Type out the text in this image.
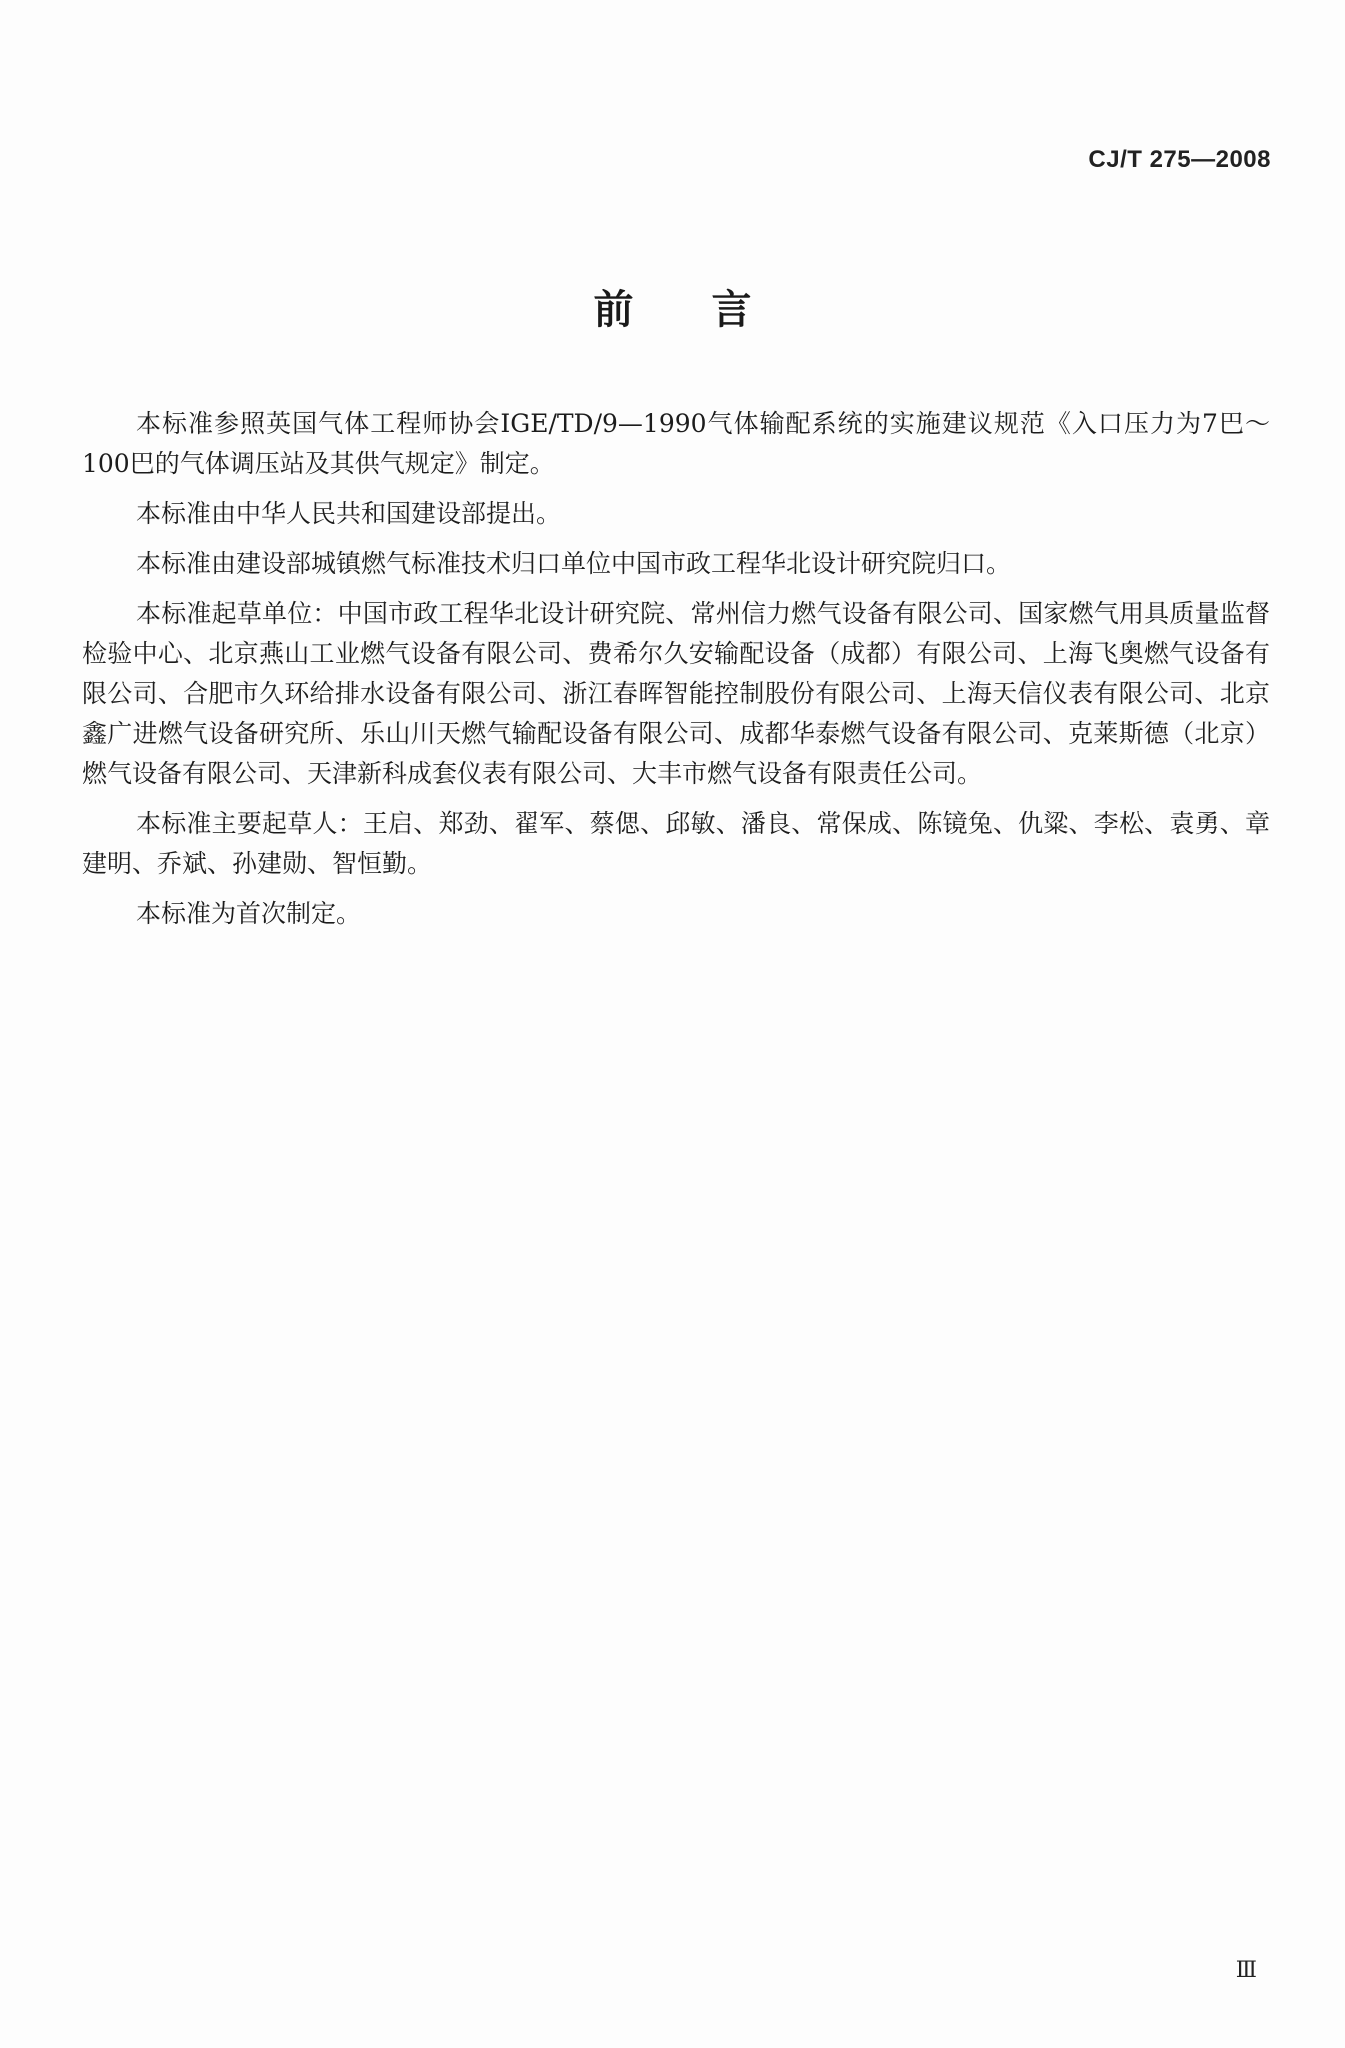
CJ/T 275—2008
前言

本标准参照英国气体工程师协会IGE/TD/9—1990气体输配系统的实施建议规范《入口压力为7巴～100巴的气体调压站及其供气规定》制定。

本标准由中华人民共和国建设部提出。

本标准由建设部城镇燃气标准技术归口单位中国市政工程华北设计研究院归口。

本标准起草单位：中国市政工程华北设计研究院、常州信力燃气设备有限公司、国家燃气用具质量监督检验中心、北京燕山工业燃气设备有限公司、费希尔久安输配设备（成都）有限公司、上海飞奥燃气设备有限公司、合肥市久环给排水设备有限公司、浙江春晖智能控制股份有限公司、上海天信仪表有限公司、北京鑫广进燃气设备研究所、乐山川天燃气输配设备有限公司、成都华泰燃气设备有限公司、克莱斯德（北京）燃气设备有限公司、天津新科成套仪表有限公司、大丰市燃气设备有限责任公司。

本标准主要起草人：王启、郑劲、翟军、蔡偲、邱敏、潘良、常保成、陈镜兔、仇粱、李松、袁勇、章建明、乔斌、孙建勋、智恒勤。

本标准为首次制定。

Ⅲ
